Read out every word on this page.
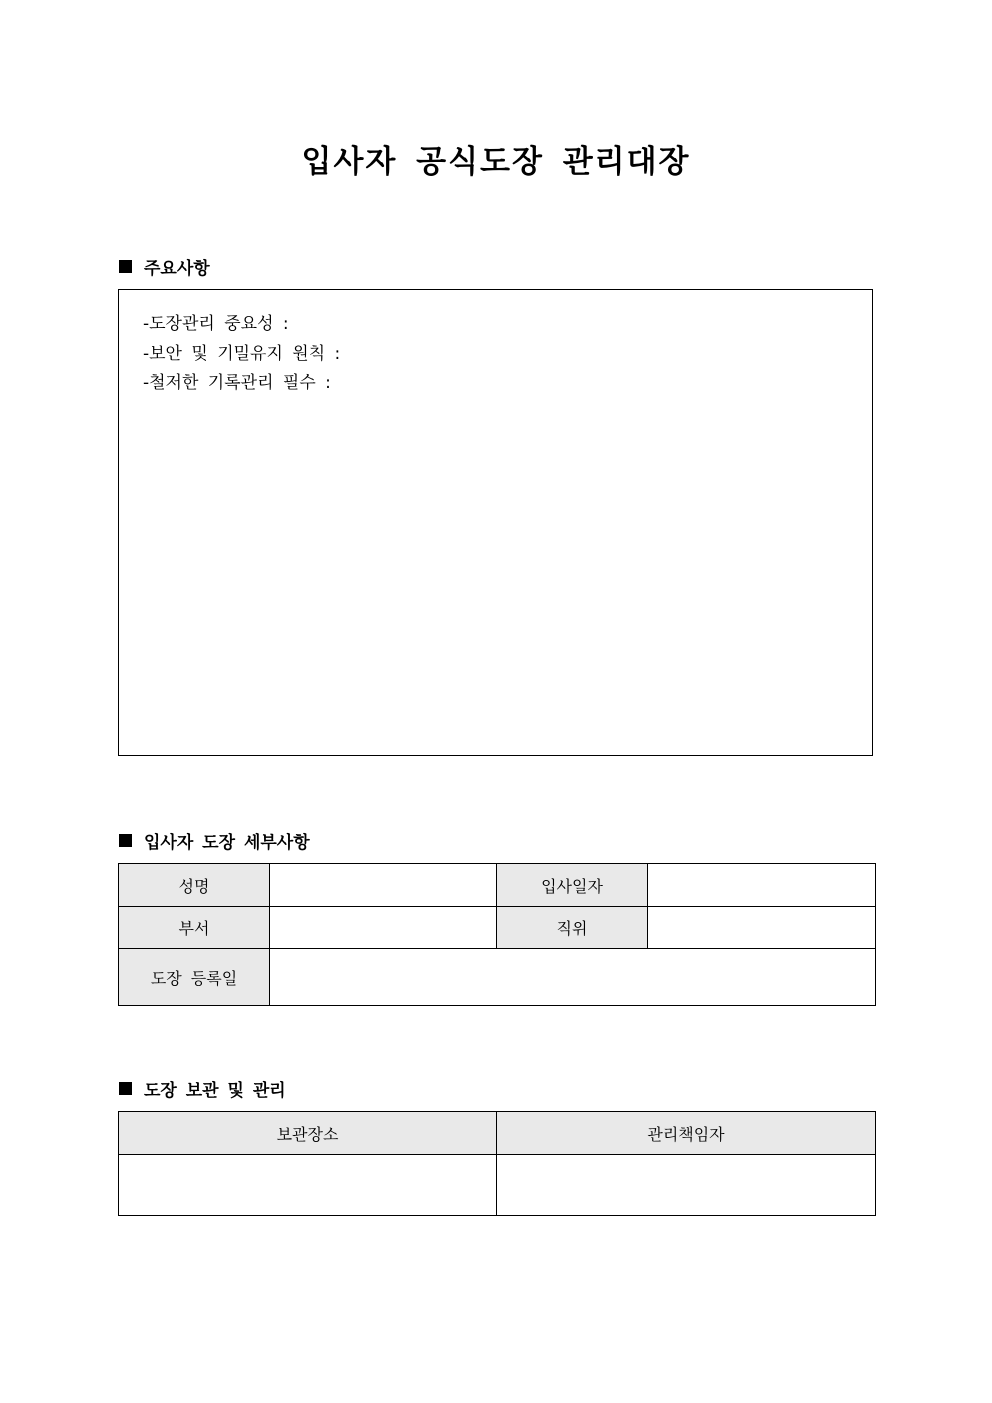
입사자 공식도장 관리대장
주요사항
-도장관리 중요성 :
-보안 및 기밀유지 원칙 :
-철저한 기록관리 필수 :
입사자 도장 세부사항
성명		입사일자	
부서		직위	
도장 등록일			
도장 보관 및 관리
보관장소	관리책임자
